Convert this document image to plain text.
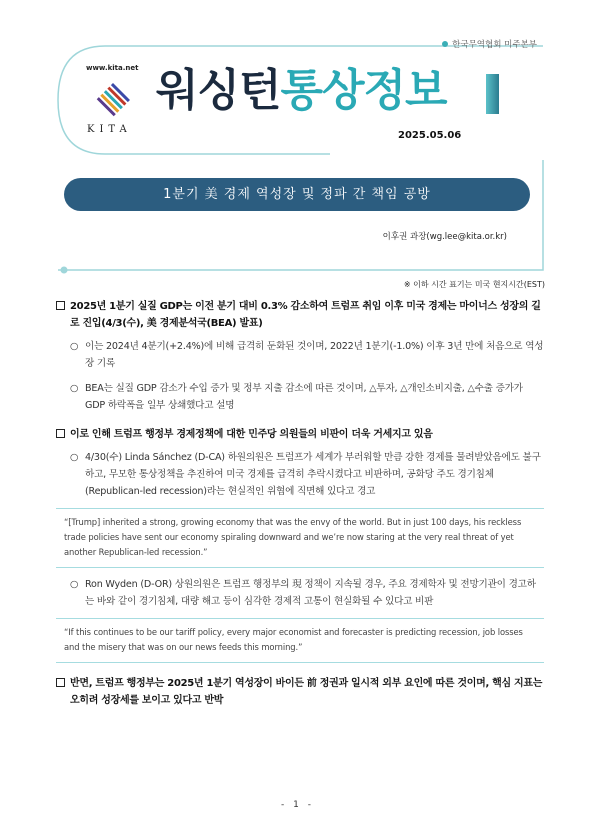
한국무역협회 미주본부
www.kita.net
KITA
워싱턴통상정보
2025.05.06
1분기 美 경제 역성장 및 정파 간 책임 공방
이후권 과장(wg.lee@kita.or.kr)
※ 이하 시간 표기는 미국 현지시간(EST)
2025년 1분기 실질 GDP는 이전 분기 대비 0.3% 감소하여 트럼프 취임 이후 미국 경제는 마이너스 성장의 길로 진입(4/3(수), 美 경제분석국(BEA) 발표)
○ 이는 2024년 4분기(+2.4%)에 비해 급격히 둔화된 것이며, 2022년 1분기(-1.0%) 이후 3년 만에 처음으로 역성장 기록
○ BEA는 실질 GDP 감소가 수입 증가 및 정부 지출 감소에 따른 것이며, △투자, △개인소비지출, △수출 증가가 GDP 하락폭을 일부 상쇄했다고 설명
이로 인해 트럼프 행정부 경제정책에 대한 민주당 의원들의 비판이 더욱 거세지고 있음
○ 4/30(수) Linda Sánchez (D-CA) 하원의원은 트럼프가 세계가 부러워할 만큼 강한 경제를 물려받았음에도 불구하고, 무모한 통상정책을 추진하여 미국 경제를 급격히 추락시켰다고 비판하며, 공화당 주도 경기침체(Republican-led recession)라는 현실적인 위협에 직면해 있다고 경고
“[Trump] inherited a strong, growing economy that was the envy of the world. But in just 100 days, his reckless trade policies have sent our economy spiraling downward and we’re now staring at the very real threat of yet another Republican-led recession.”
○ Ron Wyden (D-OR) 상원의원은 트럼프 행정부의 現 정책이 지속될 경우, 주요 경제학자 및 전망기관이 경고하는 바와 같이 경기침체, 대량 해고 등이 심각한 경제적 고통이 현실화될 수 있다고 비판
“If this continues to be our tariff policy, every major economist and forecaster is predicting recession, job losses and the misery that was on our news feeds this morning.”
반면, 트럼프 행정부는 2025년 1분기 역성장이 바이든 前 정권과 일시적 외부 요인에 따른 것이며, 핵심 지표는 오히려 성장세를 보이고 있다고 반박
- 1 -
